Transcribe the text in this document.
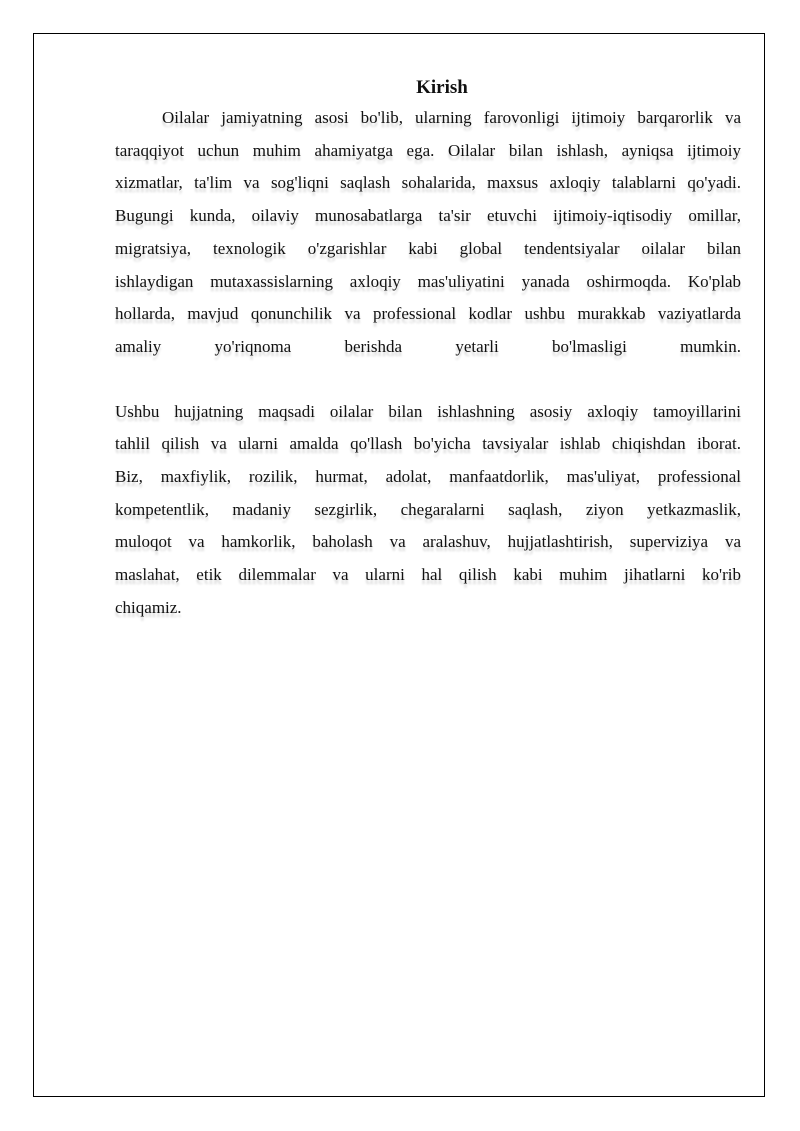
Kirish
Oilalar jamiyatning asosi bo'lib, ularning farovonligi ijtimoiy barqarorlik va
taraqqiyot uchun muhim ahamiyatga ega. Oilalar bilan ishlash, ayniqsa ijtimoiy
xizmatlar, ta'lim va sog'liqni saqlash sohalarida, maxsus axloqiy talablarni qo'yadi.
Bugungi kunda, oilaviy munosabatlarga ta'sir etuvchi ijtimoiy-iqtisodiy omillar,
migratsiya, texnologik o'zgarishlar kabi global tendentsiyalar oilalar bilan
ishlaydigan mutaxassislarning axloqiy mas'uliyatini yanada oshirmoqda. Ko'plab
hollarda, mavjud qonunchilik va professional kodlar ushbu murakkab vaziyatlarda
amaliy yo'riqnoma berishda yetarli bo'lmasligi mumkin.
Ushbu hujjatning maqsadi oilalar bilan ishlashning asosiy axloqiy tamoyillarini
tahlil qilish va ularni amalda qo'llash bo'yicha tavsiyalar ishlab chiqishdan iborat.
Biz, maxfiylik, rozilik, hurmat, adolat, manfaatdorlik, mas'uliyat, professional
kompetentlik, madaniy sezgirlik, chegaralarni saqlash, ziyon yetkazmaslik,
muloqot va hamkorlik, baholash va aralashuv, hujjatlashtirish, superviziya va
maslahat, etik dilemmalar va ularni hal qilish kabi muhim jihatlarni ko'rib
chiqamiz.
